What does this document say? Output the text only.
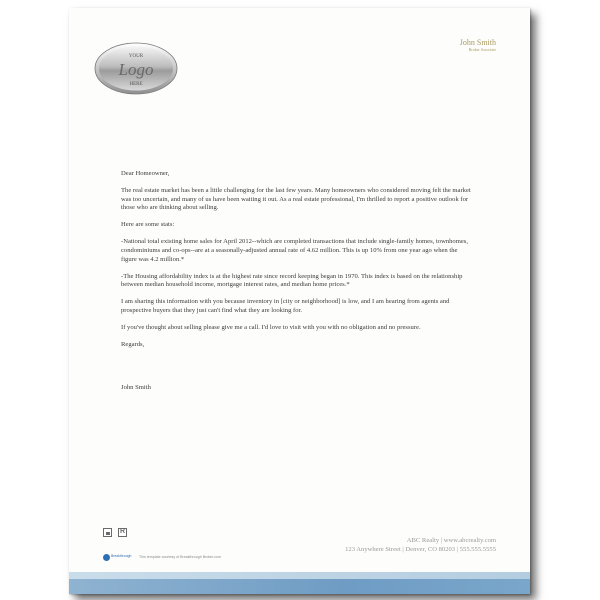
YOUR
Logo
HERE
John Smith
Broker Associate

Dear Homeowner,

The real estate market has been a little challenging for the last few years. Many homeowners who considered moving felt the market was too uncertain, and many of us have been waiting it out. As a real estate professional, I'm thrilled to report a positive outlook for those who are thinking about selling.

Here are some stats:

-National total existing home sales for April 2012--which are completed transactions that include single-family homes, townhomes, condominiums and co-ops--are at a seasonally-adjusted annual rate of 4.62 million. This is up 10% from one year ago when the figure was 4.2 million.*

-The Housing affordability index is at the highest rate since record keeping began in 1970. This index is based on the relationship between median household income, mortgage interest rates, and median home prices.*

I am sharing this information with you because inventory in [city or neighborhood] is low, and I am hearing from agents and prospective buyers that they just can't find what they are looking for.

If you've thought about selling please give me a call. I'd love to visit with you with no obligation and no pressure.

Regards,

John Smith

R
Breakthrough This template courtesy of Breakthrough Broker.com
ABC Realty | www.abcrealty.com
123 Anywhere Street | Denver, CO 80203 | 555.555.5555
